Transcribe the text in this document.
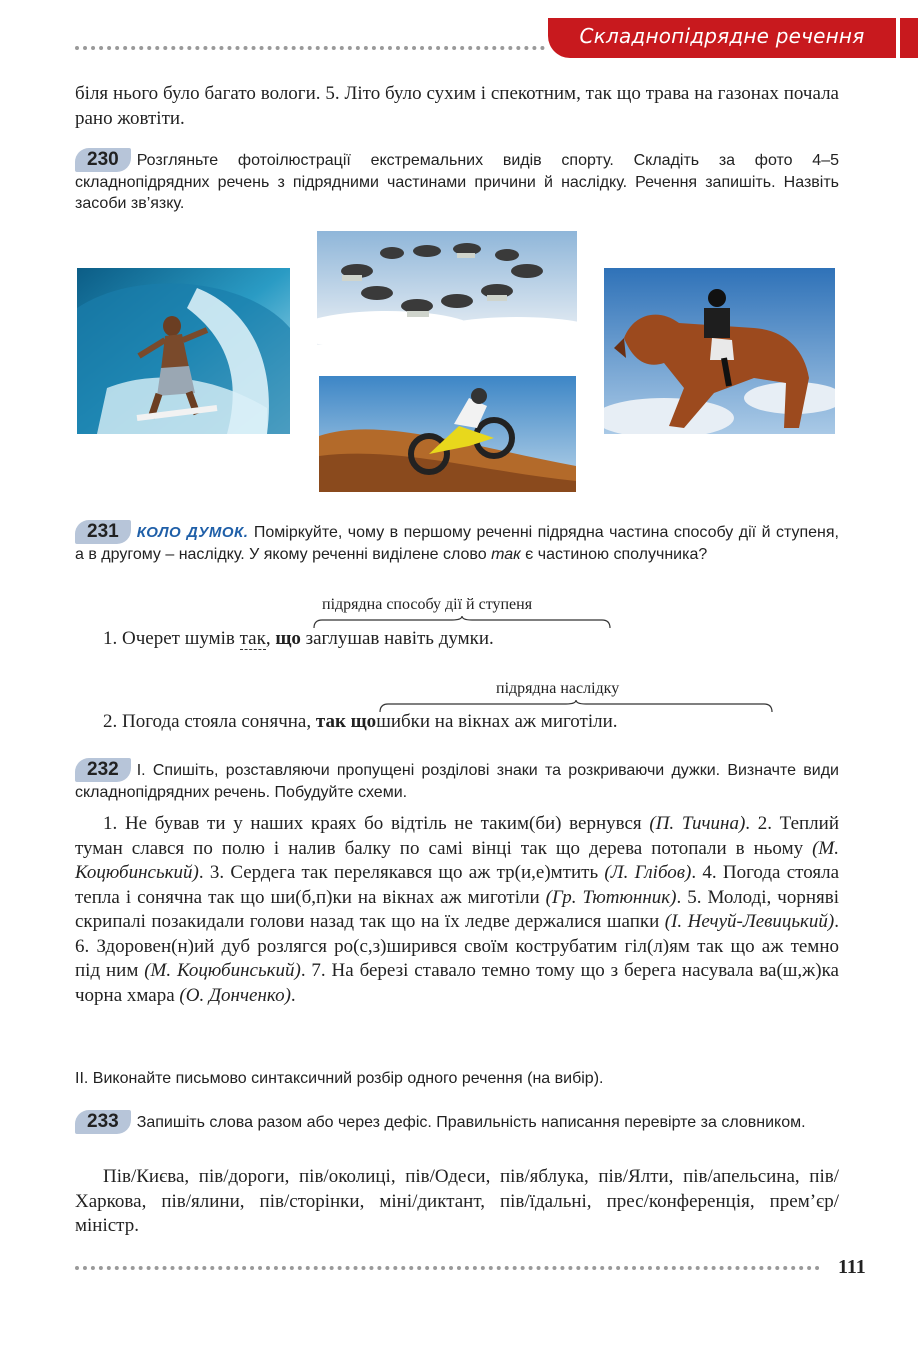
Складнопідрядне речення
біля нього було багато вологи. 5. Літо було сухим і спекотним, так що трава на газонах почала рано жовтіти.
230 Розгляньте фотоілюстрації екстремальних видів спорту. Складіть за фото 4–5 складнопідрядних речень з підрядними частинами причини й наслідку. Речення запишіть. Назвіть засоби зв’язку.
231 КОЛО ДУМОК. Поміркуйте, чому в першому реченні підрядна частина способу дії й ступеня, а в другому – наслідку. У якому реченні виділене слово так є частиною сполучника?
підрядна способу дії й ступеня
1. Очерет шумів так, що заглушав навіть думки.
підрядна наслідку
2. Погода стояла сонячна, так щошибки на вікнах аж миготіли.
232 І. Спишіть, розставляючи пропущені розділові знаки та розкриваючи дужки. Визначте види складнопідрядних речень. Побудуйте схеми.
1. Не бував ти у наших краях бо відтіль не таким(би) вернувся (П. Тичина). 2. Теплий туман слався по полю і налив балку по самі вінці так що дерева потопали в ньому (М. Коцюбинський). 3. Сердега так перелякався що аж тр(и,е)мтить (Л. Глібов). 4. Погода стояла тепла і сонячна так що ши(б,п)ки на вікнах аж миготіли (Гр. Тютюнник). 5. Молоді, чорняві скрипалі позакидали голови назад так що на їх ледве держалися шапки (І. Нечуй-Левицький). 6. Здоровен(н)ий дуб розлягся ро(с,з)ширився своїм кострубатим гіл(л)ям так що аж темно під ним (М. Коцюбинський). 7. На березі ставало темно тому що з берега насувала ва(ш,ж)ка чорна хмара (О. Донченко).
ІІ. Виконайте письмово синтаксичний розбір одного речення (на вибір).
233 Запишіть слова разом або через дефіс. Правильність написання перевірте за словником.
Пів/Києва, пів/дороги, пів/околиці, пів/Одеси, пів/яблука, пів/Ялти, пів/апельсина, пів/Харкова, пів/ялини, пів/сторінки, міні/диктант, пів/їдальні, прес/конференція, прем’єр/міністр.
111
